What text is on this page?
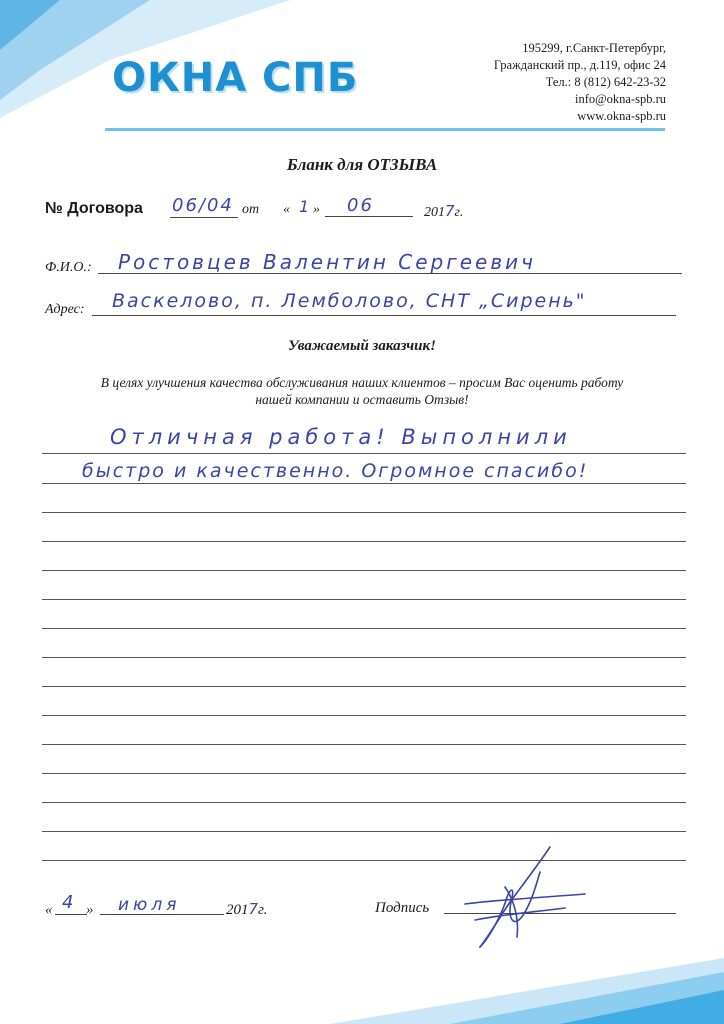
ОКНА СПБ
195299, г.Санкт-Петербург,
Гражданский пр., д.119, офис 24
Тел.: 8 (812) 642-23-32
info@okna-spb.ru
www.okna-spb.ru
Бланк для ОТЗЫВА
№ Договора 06/04 от « 1 » 06	2017г.
Ф.И.О.: Ростовцев Валентин Сергеевич
Адрес: Васкелово, п. Лемболово, СНТ „Сирень"
Уважаемый заказчик!
В целях улучшения качества обслуживания наших клиентов – просим Вас оценить работу
нашей компании и оставить Отзыв!
Отличная работа! Выполнили
быстро и качественно. Огромное спасибо!
« 4 » июля	2017г.	Подпись
